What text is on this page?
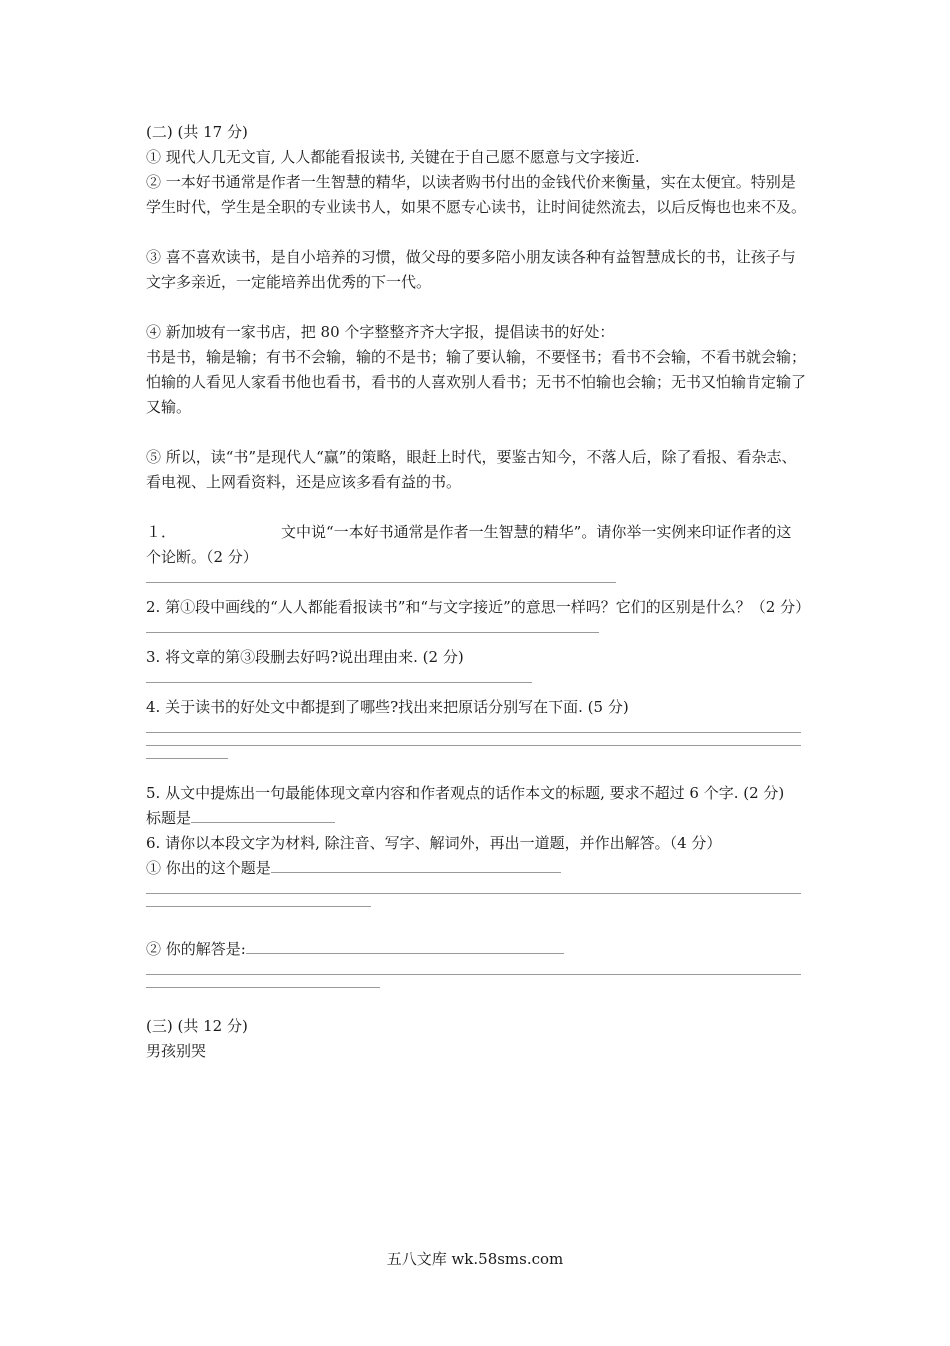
(二) (共 17 分)

① 现代人几无文盲, 人人都能看报读书, 关键在于自己愿不愿意与文字接近.

② 一本好书通常是作者一生智慧的精华，以读者购书付出的金钱代价来衡量，实在太便宜。特别是学生时代，学生是全职的专业读书人，如果不愿专心读书，让时间徒然流去，以后反悔也也来不及。

③ 喜不喜欢读书，是自小培养的习惯，做父母的要多陪小朋友读各种有益智慧成长的书，让孩子与文字多亲近，一定能培养出优秀的下一代。

④ 新加坡有一家书店，把 80 个字整整齐齐大字报，提倡读书的好处：

书是书，输是输；有书不会输，输的不是书；输了要认输，不要怪书；看书不会输，不看书就会输；怕输的人看见人家看书他也看书，看书的人喜欢别人看书；无书不怕输也会输；无书又怕输肯定输了又输。

⑤ 所以，读“书”是现代人“赢”的策略，眼赶上时代，要鉴古知今，不落人后，除了看报、看杂志、看电视、上网看资料，还是应该多看有益的书。

１．	文中说“一本好书通常是作者一生智慧的精华”。请你举一实例来印证作者的这个论断。（2 分）

2. 第①段中画线的“人人都能看报读书”和“与文字接近”的意思一样吗？它们的区别是什么？（2 分）

3. 将文章的第③段删去好吗?说出理由来. (2 分)

4. 关于读书的好处文中都提到了哪些?找出来把原话分别写在下面. (5 分)

5. 从文中提炼出一句最能体现文章内容和作者观点的话作本文的标题, 要求不超过 6 个字. (2 分)

标题是

6. 请你以本段文字为材料, 除注音、写字、解词外，再出一道题，并作出解答。（4 分）

① 你出的这个题是

② 你的解答是:

(三) (共 12 分)

男孩别哭

五八文库 wk.58sms.com
